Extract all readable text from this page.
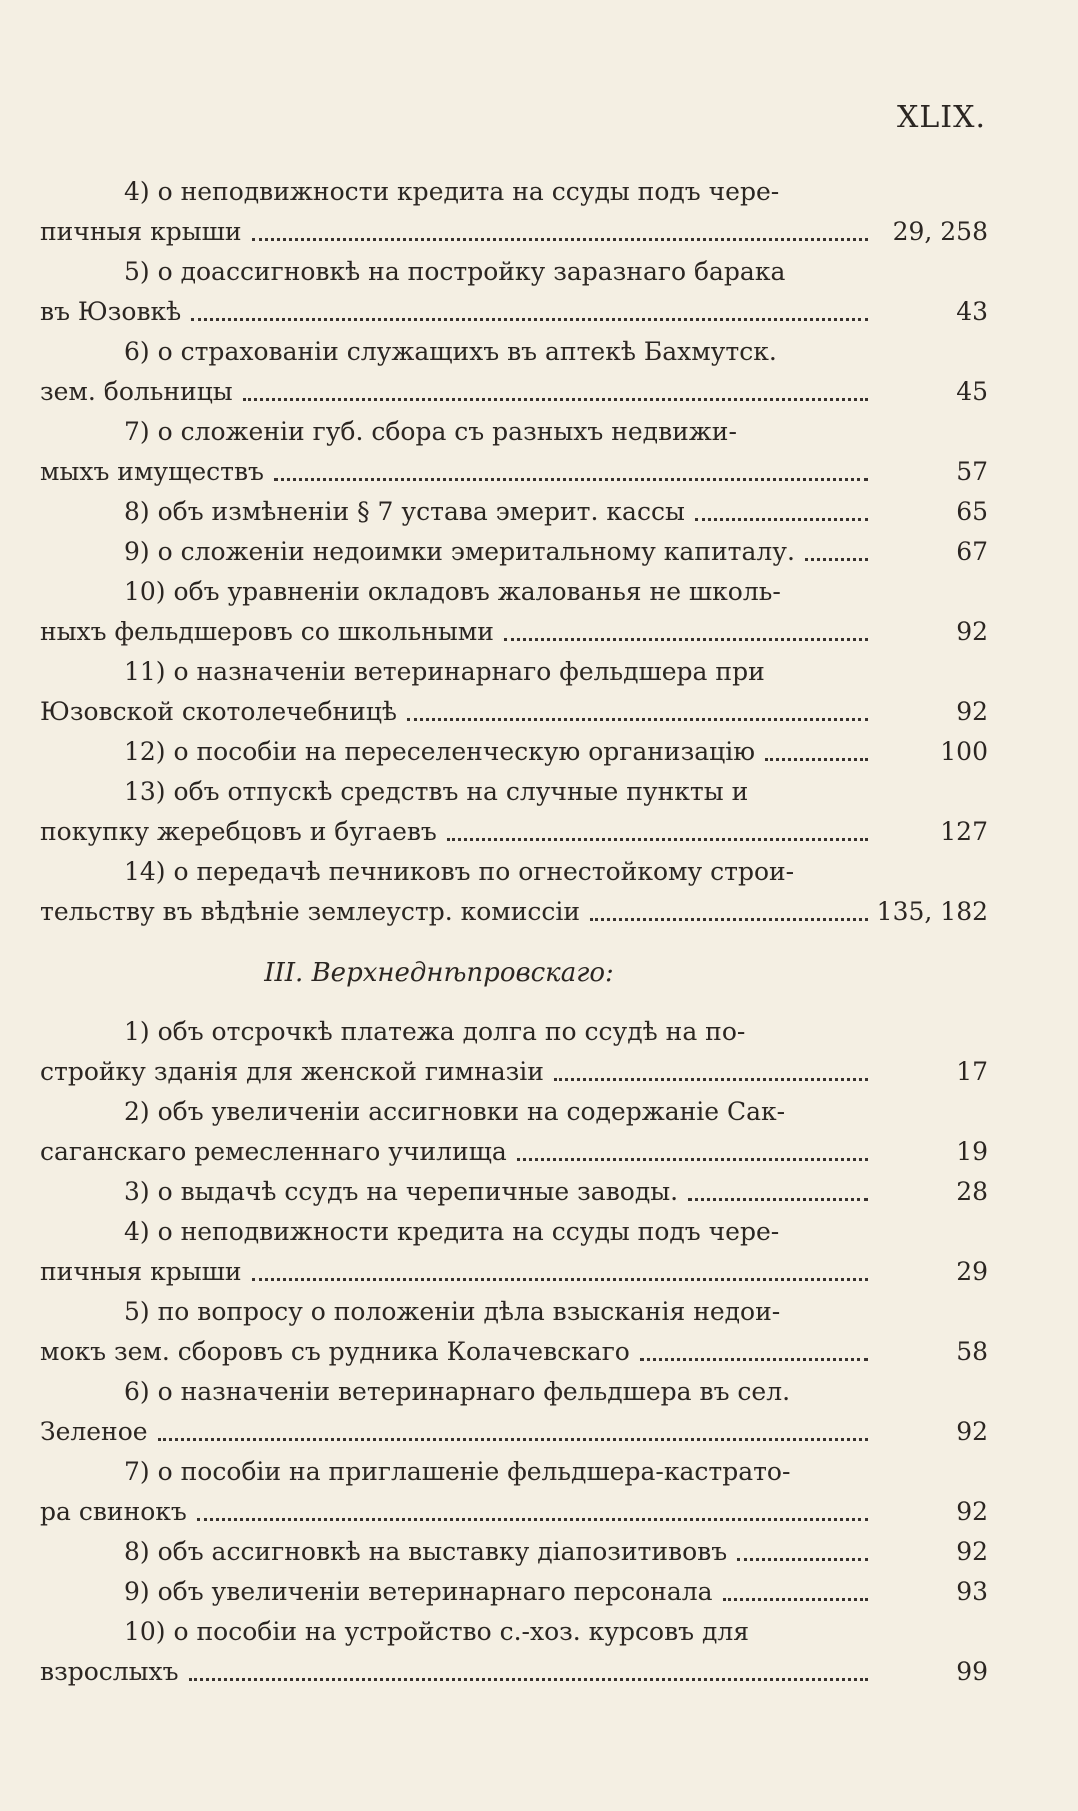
XLIX.
4) о неподвижности кредита на ссуды подъ чере-
пичныя крыши	29, 258
5) о доассигновкѣ на постройку заразнаго барака
въ Юзовкѣ	43
6) о страхованіи служащихъ въ аптекѣ Бахмутск.
зем. больницы	45
7) о сложеніи губ. сбора съ разныхъ недвижи-
мыхъ имуществъ	57
8) объ измѣненіи § 7 устава эмерит. кассы	65
9) о сложеніи недоимки эмеритальному капиталу.	67
10) объ уравненіи окладовъ жалованья не школь-
ныхъ фельдшеровъ со школьными	92
11) о назначеніи ветеринарнаго фельдшера при
Юзовской скотолечебницѣ	92
12) о пособіи на переселенческую организацію	100
13) объ отпускѣ средствъ на случные пункты и
покупку жеребцовъ и бугаевъ	127
14) о передачѣ печниковъ по огнестойкому строи-
тельству въ вѣдѣніе землеустр. комиссіи	135, 182
III. Верхнеднѣпровскаго:
1) объ отсрочкѣ платежа долга по ссудѣ на по-
стройку зданія для женской гимназіи	17
2) объ увеличеніи ассигновки на содержаніе Сак-
саганскаго ремесленнаго училища	19
3) о выдачѣ ссудъ на черепичные заводы.	28
4) о неподвижности кредита на ссуды подъ чере-
пичныя крыши	29
5) по вопросу о положеніи дѣла взысканія недои-
мокъ зем. сборовъ съ рудника Колачевскаго	58
6) о назначеніи ветеринарнаго фельдшера въ сел.
Зеленое	92
7) о пособіи на приглашеніе фельдшера-кастрато-
ра свинокъ	92
8) объ ассигновкѣ на выставку діапозитивовъ	92
9) объ увеличеніи ветеринарнаго персонала	93
10) о пособіи на устройство с.-хоз. курсовъ для
взрослыхъ	99
